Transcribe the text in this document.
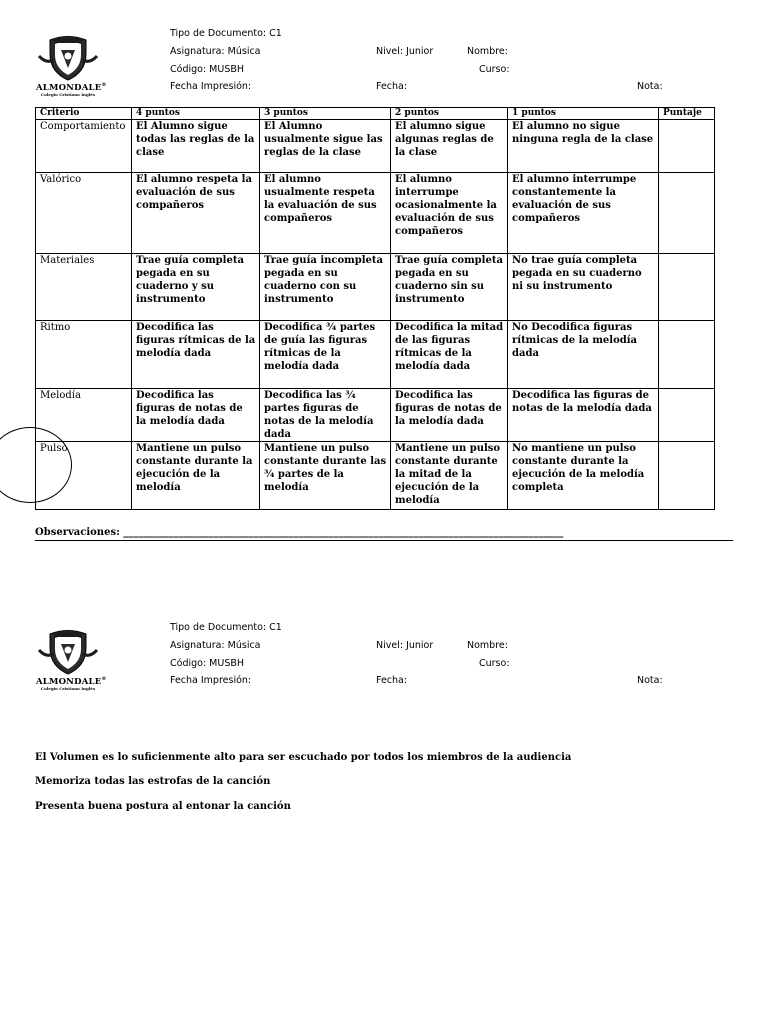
ALMONDALE®
Colegio Cristiano Inglés
Tipo de Documento: C1
Asignatura: Música	Nivel: Junior	Nombre:
Código: MUSBH	Curso:
Fecha Impresión:	Fecha:	Nota:
Criterio	4 puntos	3 puntos	2 puntos	1 puntos	Puntaje
Comportamiento	El Alumno sigue todas las reglas de la clase	El Alumno usualmente sigue las reglas de la clase	El alumno sigue algunas reglas de la clase	El alumno no sigue ninguna regla de la clase	
Valórico	El alumno respeta la evaluación de sus compañeros	El alumno usualmente respeta la evaluación de sus compañeros	El alumno interrumpe ocasionalmente la evaluación de sus compañeros	El alumno interrumpe constantemente la evaluación de sus compañeros	
Materiales	Trae guía completa pegada en su cuaderno y su instrumento	Trae guía incompleta pegada en su cuaderno con su instrumento	Trae guía completa pegada en su cuaderno sin su instrumento	No trae guía completa pegada en su cuaderno ni su instrumento	
Ritmo	Decodifica las figuras rítmicas de la melodía dada	Decodifica ¾ partes de guía las figuras rítmicas de la melodía dada	Decodifica la mitad de las figuras rítmicas de la melodía dada	No Decodifica figuras rítmicas de la melodía dada	
Melodía	Decodifica las figuras de notas de la melodía dada	Decodifica las ¾ partes figuras de notas de la melodía dada	Decodifica las figuras de notas de la melodía dada	Decodifica las figuras de notas de la melodía dada	
Pulso	Mantiene un pulso constante durante la ejecución de la melodía	Mantiene un pulso constante durante las ¾ partes de la melodía	Mantiene un pulso constante durante la mitad de la ejecución de la melodía	No mantiene un pulso constante durante la ejecución de la melodía completa	
Observaciones: ________________________________________________________________________________________
ALMONDALE®
Colegio Cristiano Inglés
Tipo de Documento: C1
Asignatura: Música	Nivel: Junior	Nombre:
Código: MUSBH	Curso:
Fecha Impresión:	Fecha:	Nota:
El Volumen es lo suficienmente alto para ser escuchado por todos los miembros de la audiencia
Memoriza todas las estrofas de la canción
Presenta buena postura al entonar la canción
